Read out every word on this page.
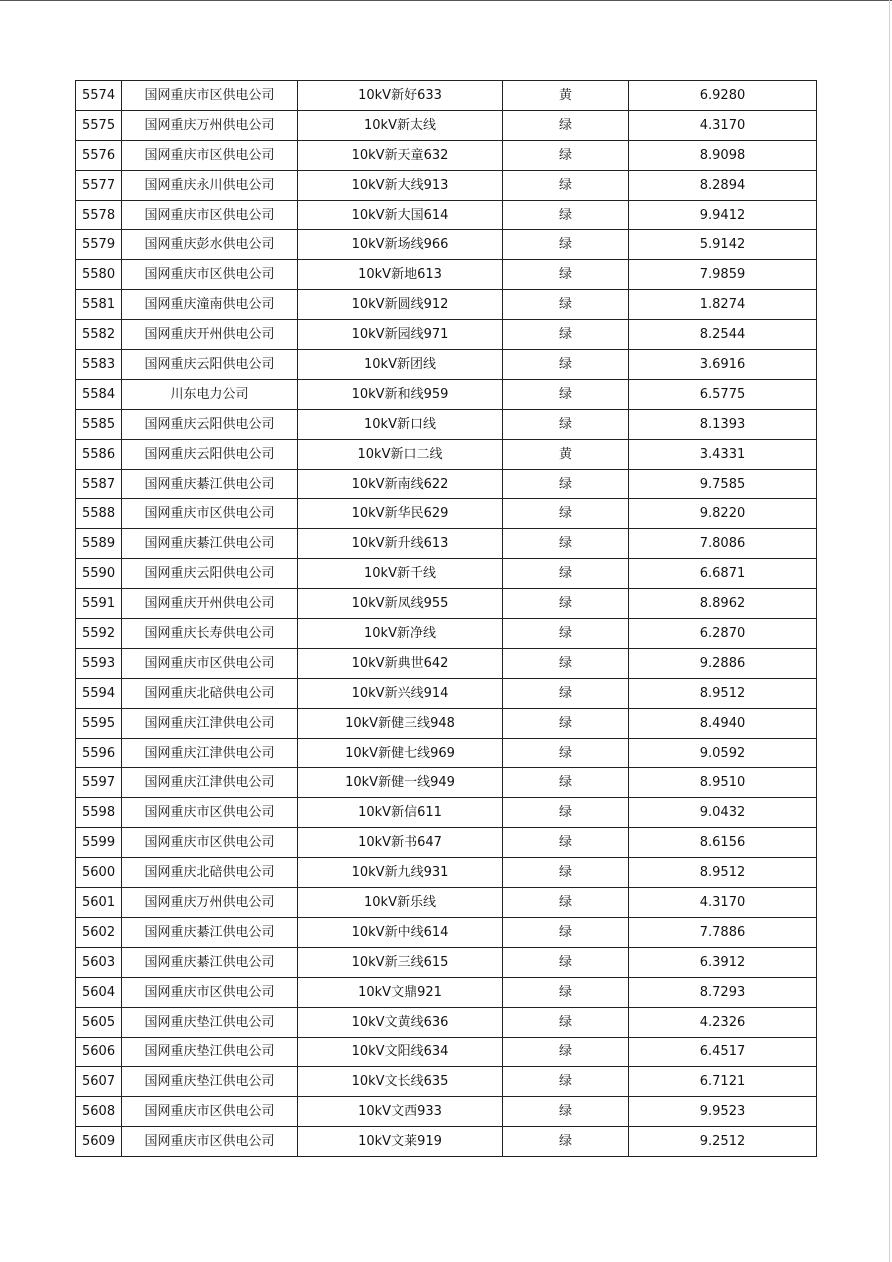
5574	国网重庆市区供电公司	10kV新好633	黄	6.9280
5575	国网重庆万州供电公司	10kV新太线	绿	4.3170
5576	国网重庆市区供电公司	10kV新天童632	绿	8.9098
5577	国网重庆永川供电公司	10kV新大线913	绿	8.2894
5578	国网重庆市区供电公司	10kV新大国614	绿	9.9412
5579	国网重庆彭水供电公司	10kV新场线966	绿	5.9142
5580	国网重庆市区供电公司	10kV新地613	绿	7.9859
5581	国网重庆潼南供电公司	10kV新圆线912	绿	1.8274
5582	国网重庆开州供电公司	10kV新园线971	绿	8.2544
5583	国网重庆云阳供电公司	10kV新团线	绿	3.6916
5584	川东电力公司	10kV新和线959	绿	6.5775
5585	国网重庆云阳供电公司	10kV新口线	绿	8.1393
5586	国网重庆云阳供电公司	10kV新口二线	黄	3.4331
5587	国网重庆綦江供电公司	10kV新南线622	绿	9.7585
5588	国网重庆市区供电公司	10kV新华民629	绿	9.8220
5589	国网重庆綦江供电公司	10kV新升线613	绿	7.8086
5590	国网重庆云阳供电公司	10kV新千线	绿	6.6871
5591	国网重庆开州供电公司	10kV新凤线955	绿	8.8962
5592	国网重庆长寿供电公司	10kV新净线	绿	6.2870
5593	国网重庆市区供电公司	10kV新典世642	绿	9.2886
5594	国网重庆北碚供电公司	10kV新兴线914	绿	8.9512
5595	国网重庆江津供电公司	10kV新健三线948	绿	8.4940
5596	国网重庆江津供电公司	10kV新健七线969	绿	9.0592
5597	国网重庆江津供电公司	10kV新健一线949	绿	8.9510
5598	国网重庆市区供电公司	10kV新信611	绿	9.0432
5599	国网重庆市区供电公司	10kV新书647	绿	8.6156
5600	国网重庆北碚供电公司	10kV新九线931	绿	8.9512
5601	国网重庆万州供电公司	10kV新乐线	绿	4.3170
5602	国网重庆綦江供电公司	10kV新中线614	绿	7.7886
5603	国网重庆綦江供电公司	10kV新三线615	绿	6.3912
5604	国网重庆市区供电公司	10kV文鼎921	绿	8.7293
5605	国网重庆垫江供电公司	10kV文黄线636	绿	4.2326
5606	国网重庆垫江供电公司	10kV文阳线634	绿	6.4517
5607	国网重庆垫江供电公司	10kV文长线635	绿	6.7121
5608	国网重庆市区供电公司	10kV文西933	绿	9.9523
5609	国网重庆市区供电公司	10kV文莱919	绿	9.2512
